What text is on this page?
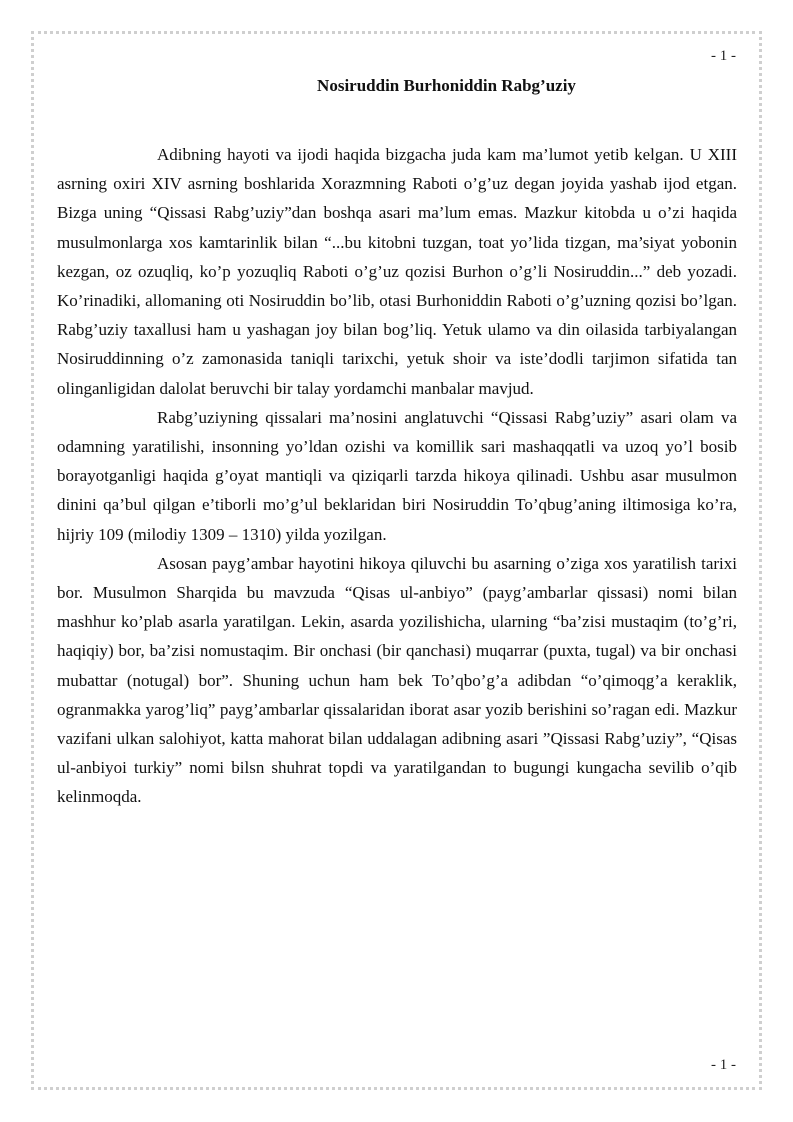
- 1 -
Nosiruddin Burhoniddin Rabg’uziy

Adibning hayoti va ijodi haqida bizgacha juda kam ma’lumot yetib kelgan. U XIII asrning oxiri XIV asrning boshlarida Xorazmning Raboti o’g’uz degan joyida yashab ijod etgan. Bizga uning “Qissasi Rabg’uziy”dan boshqa asari ma’lum emas. Mazkur kitobda u o’zi haqida musulmonlarga xos kamtarinlik bilan “...bu kitobni tuzgan, toat yo’lida tizgan, ma’siyat yobonin kezgan, oz ozuqliq, ko’p yozuqliq Raboti o’g’uz qozisi Burhon o’g’li Nosiruddin...” deb yozadi. Ko’rinadiki, allomaning oti Nosiruddin bo’lib, otasi Burhoniddin Raboti o’g’uzning qozisi bo’lgan. Rabg’uziy taxallusi ham u yashagan joy bilan bog’liq. Yetuk ulamo va din oilasida tarbiyalangan Nosiruddinning o’z zamonasida taniqli tarixchi, yetuk shoir va iste’dodli tarjimon sifatida tan olinganligidan dalolat beruvchi bir talay yordamchi manbalar mavjud.

Rabg’uziyning qissalari ma’nosini anglatuvchi “Qissasi Rabg’uziy” asari olam va odamning yaratilishi, insonning yo’ldan ozishi va komillik sari mashaqqatli va uzoq yo’l bosib borayotganligi haqida g’oyat mantiqli va qiziqarli tarzda hikoya qilinadi. Ushbu asar musulmon dinini qa’bul qilgan e’tiborli mo’g’ul beklaridan biri Nosiruddin To’qbug’aning iltimosiga ko’ra, hijriy 109 (milodiy 1309 – 1310) yilda yozilgan.

Asosan payg’ambar hayotini hikoya qiluvchi bu asarning o’ziga xos yaratilish tarixi bor. Musulmon Sharqida bu mavzuda “Qisas ul-anbiyo” (payg’ambarlar qissasi) nomi bilan mashhur ko’plab asarla yaratilgan. Lekin, asarda yozilishicha, ularning “ba’zisi mustaqim (to’g’ri, haqiqiy) bor, ba’zisi nomustaqim. Bir onchasi (bir qanchasi) muqarrar (puxta, tugal) va bir onchasi mubattar (notugal) bor”. Shuning uchun ham bek To’qbo’g’a adibdan “o’qimoqg’a keraklik, ogranmakka yarog’liq” payg’ambarlar qissalaridan iborat asar yozib berishini so’ragan edi. Mazkur vazifani ulkan salohiyot, katta mahorat bilan uddalagan adibning asari ”Qissasi Rabg’uziy”, “Qisas ul-anbiyoi turkiy” nomi bilsn shuhrat topdi va yaratilgandan to bugungi kungacha sevilib o’qib kelinmoqda.

- 1 -
